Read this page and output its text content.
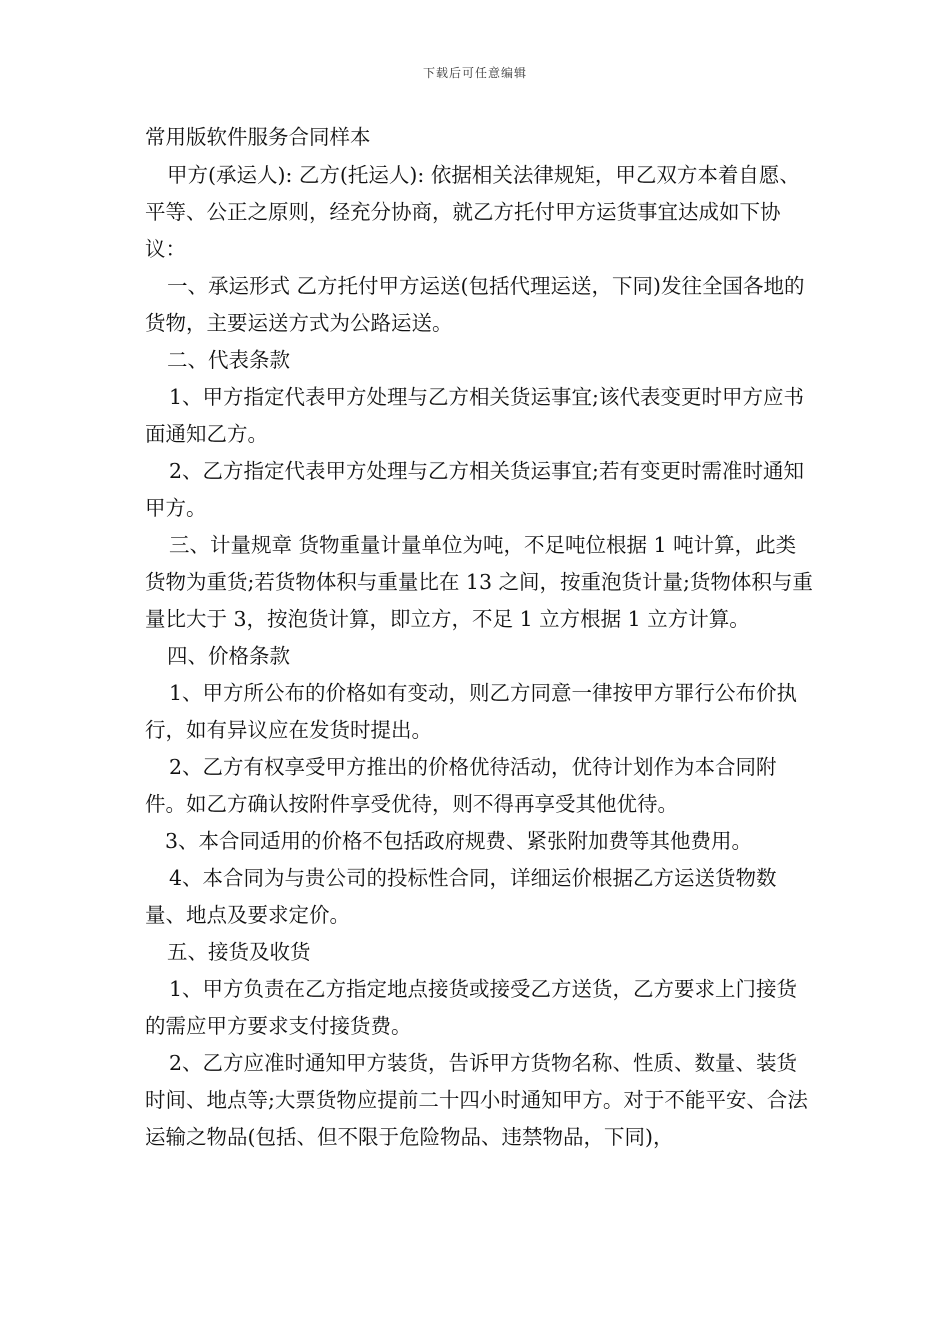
下载后可任意编辑

常用版软件服务合同样本

甲方(承运人): 乙方(托运人): 依据相关法律规矩，甲乙双方本着自愿、平等、公正之原则，经充分协商，就乙方托付甲方运货事宜达成如下协议：

一、承运形式 乙方托付甲方运送(包括代理运送，下同)发往全国各地的货物，主要运送方式为公路运送。

二、代表条款

1、甲方指定代表甲方处理与乙方相关货运事宜;该代表变更时甲方应书面通知乙方。

2、乙方指定代表甲方处理与乙方相关货运事宜;若有变更时需准时通知甲方。

三、计量规章 货物重量计量单位为吨，不足吨位根据 1 吨计算，此类货物为重货;若货物体积与重量比在 13 之间，按重泡货计量;货物体积与重量比大于 3，按泡货计算，即立方，不足 1 立方根据 1 立方计算。

四、价格条款

1、甲方所公布的价格如有变动，则乙方同意一律按甲方罪行公布价执行，如有异议应在发货时提出。

2、乙方有权享受甲方推出的价格优待活动，优待计划作为本合同附件。如乙方确认按附件享受优待，则不得再享受其他优待。

3、本合同适用的价格不包括政府规费、紧张附加费等其他费用。

4、本合同为与贵公司的投标性合同，详细运价根据乙方运送货物数量、地点及要求定价。

五、接货及收货

1、甲方负责在乙方指定地点接货或接受乙方送货，乙方要求上门接货的需应甲方要求支付接货费。

2、乙方应准时通知甲方装货，告诉甲方货物名称、性质、数量、装货时间、地点等;大票货物应提前二十四小时通知甲方。对于不能平安、合法运输之物品(包括、但不限于危险物品、违禁物品，下同)，
